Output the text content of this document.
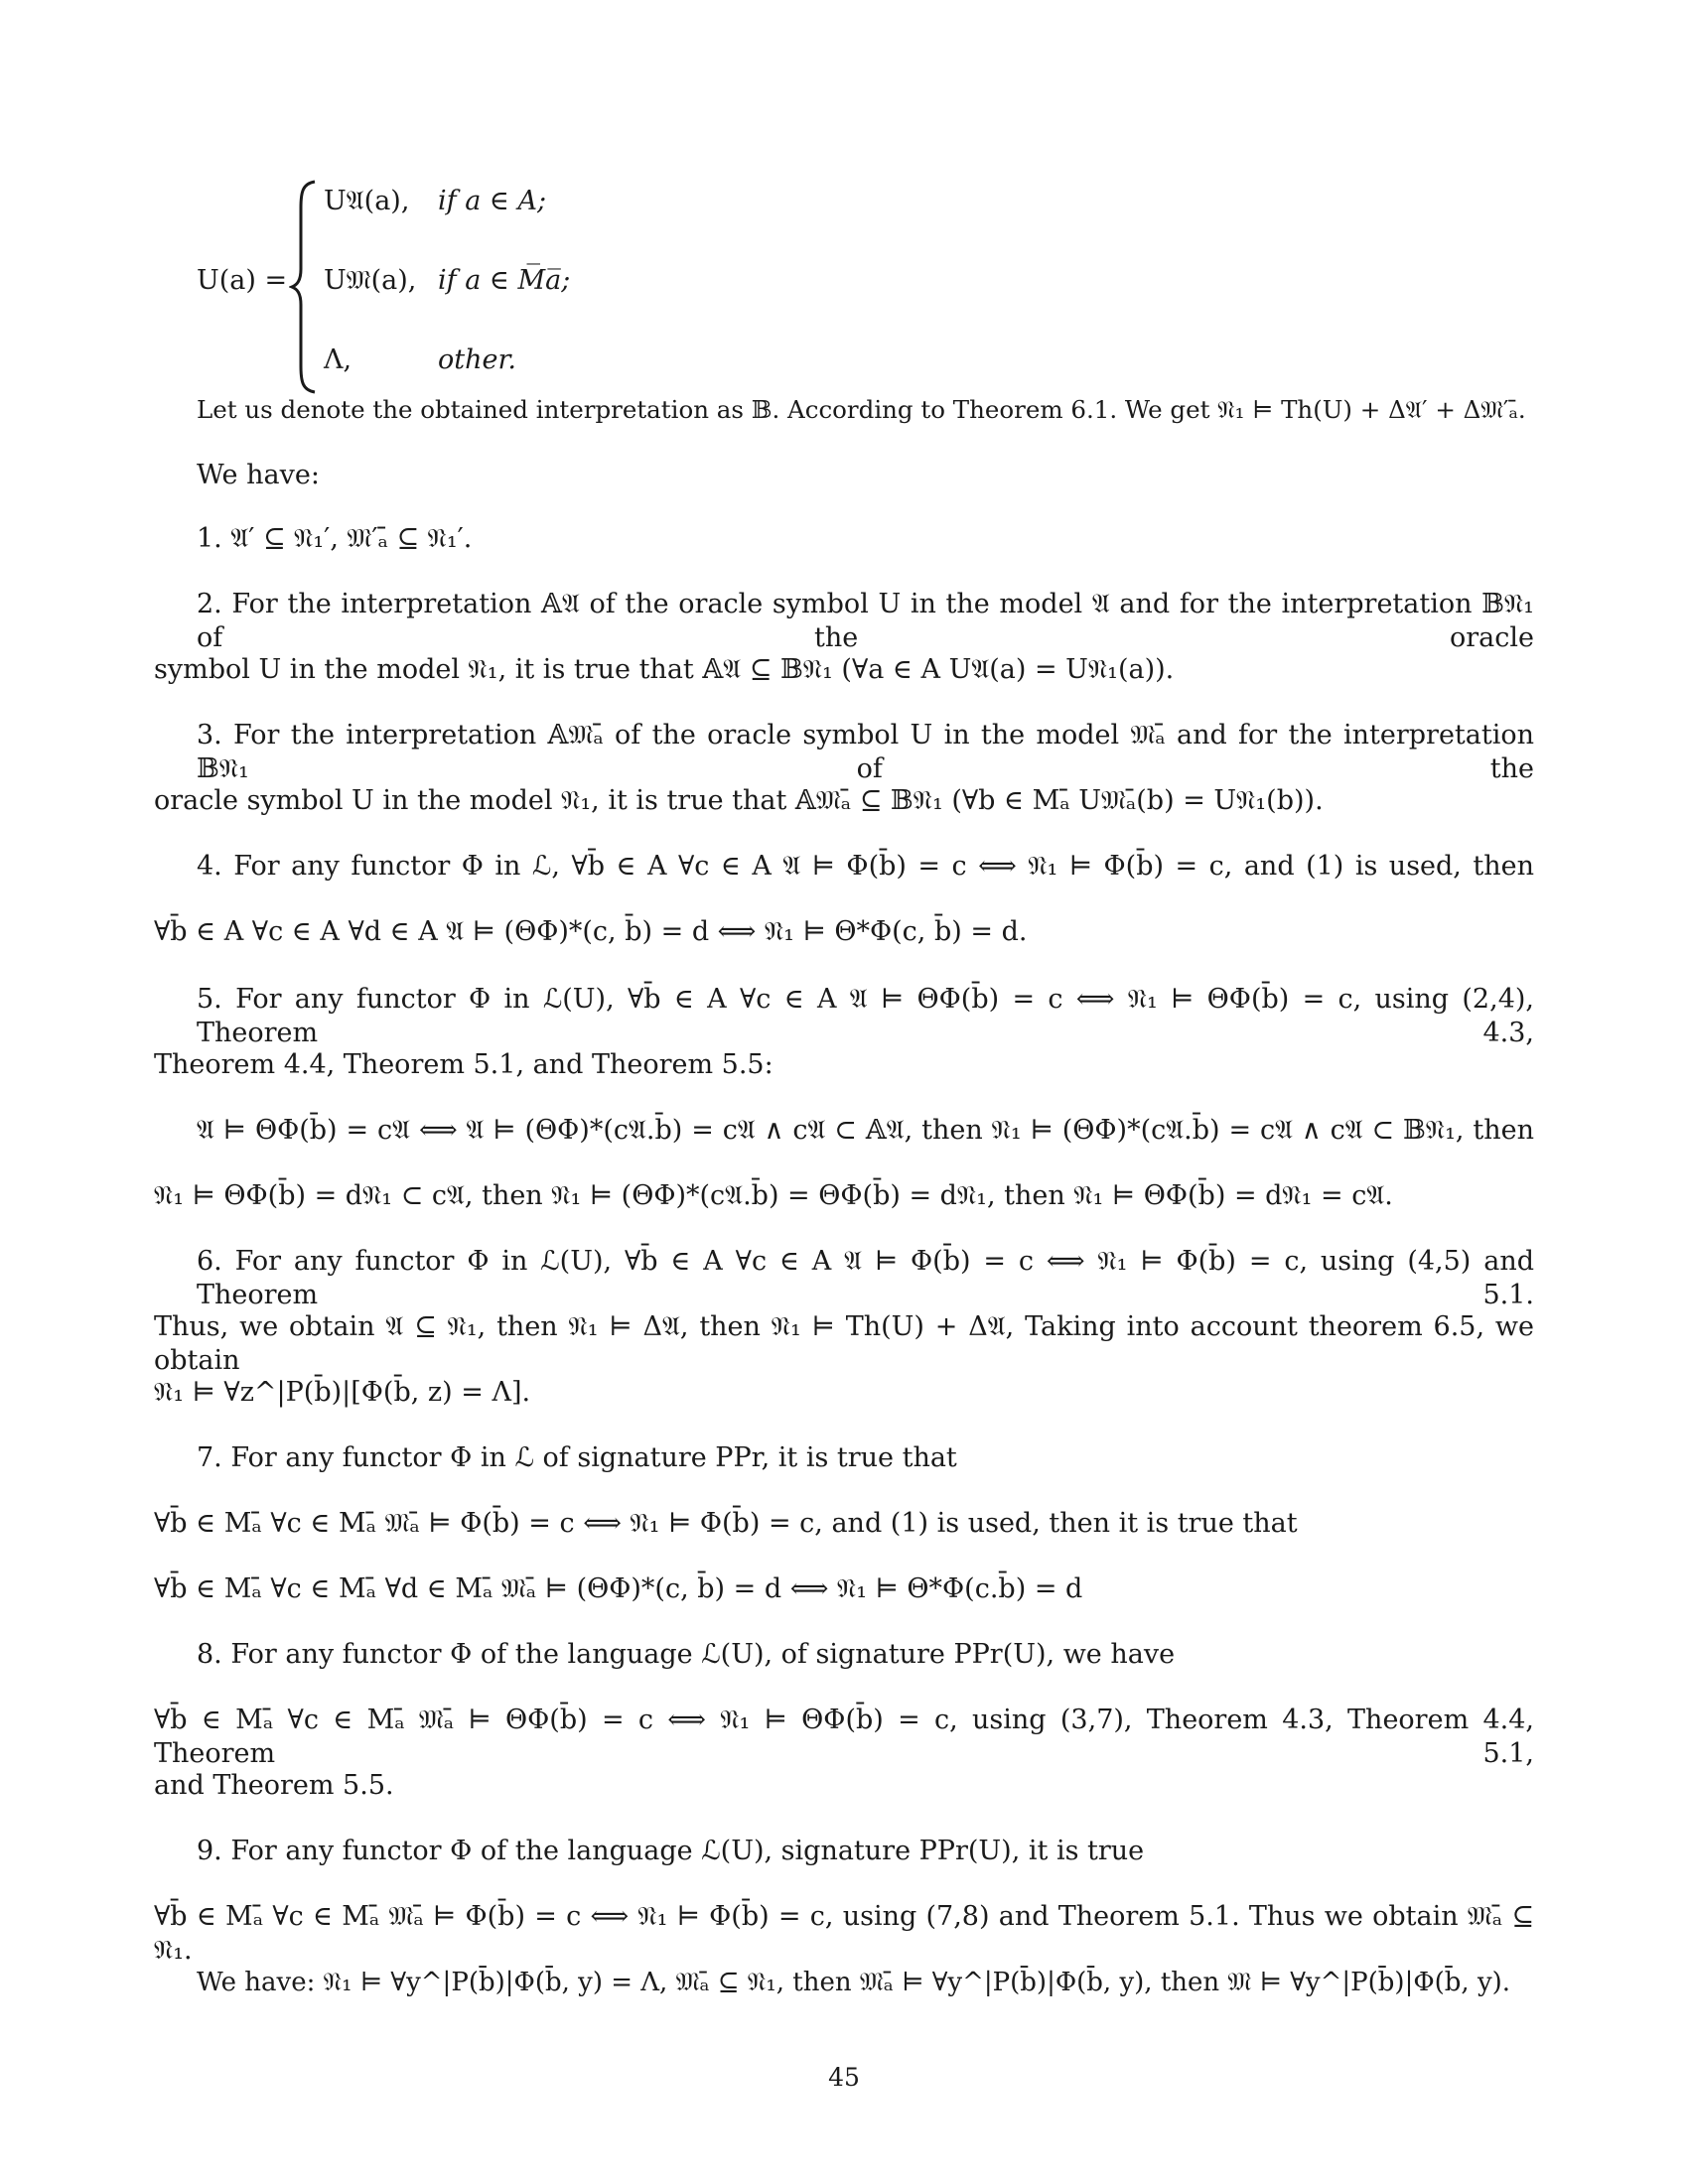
U(a) =
U𝔄(a), if a ∈ A;
U𝔐(a), if a ∈ M̅a̅;
Λ,	other.
Let us denote the obtained interpretation as 𝔹. According to Theorem 6.1. We get 𝔑₁ ⊨ Th(U) + Δ𝔄′ + Δ𝔐′ₐ̄.
We have:
1. 𝔄′ ⊆ 𝔑₁′, 𝔐′ₐ̄ ⊆ 𝔑₁′.
2. For the interpretation 𝔸𝔄 of the oracle symbol U in the model 𝔄 and for the interpretation 𝔹𝔑₁ of the oracle
symbol U in the model 𝔑₁, it is true that 𝔸𝔄 ⊆ 𝔹𝔑₁ (∀a ∈ A U𝔄(a) = U𝔑₁(a)).
3. For the interpretation 𝔸𝔐ₐ̄ of the oracle symbol U in the model 𝔐ₐ̄ and for the interpretation 𝔹𝔑₁ of the
oracle symbol U in the model 𝔑₁, it is true that 𝔸𝔐ₐ̄ ⊆ 𝔹𝔑₁ (∀b ∈ Mₐ̄ U𝔐ₐ̄(b) = U𝔑₁(b)).
4. For any functor Φ in ℒ, ∀b̄ ∈ A ∀c ∈ A 𝔄 ⊨ Φ(b̄) = c ⟺ 𝔑₁ ⊨ Φ(b̄) = c, and (1) is used, then
∀b̄ ∈ A ∀c ∈ A ∀d ∈ A 𝔄 ⊨ (ΘΦ)*(c, b̄) = d ⟺ 𝔑₁ ⊨ Θ*Φ(c, b̄) = d.
5. For any functor Φ in ℒ(U), ∀b̄ ∈ A ∀c ∈ A 𝔄 ⊨ ΘΦ(b̄) = c ⟺ 𝔑₁ ⊨ ΘΦ(b̄) = c, using (2,4), Theorem 4.3,
Theorem 4.4, Theorem 5.1, and Theorem 5.5:
𝔄 ⊨ ΘΦ(b̄) = c𝔄 ⟺ 𝔄 ⊨ (ΘΦ)*(c𝔄.b̄) = c𝔄 ∧ c𝔄 ⊂ 𝔸𝔄, then 𝔑₁ ⊨ (ΘΦ)*(c𝔄.b̄) = c𝔄 ∧ c𝔄 ⊂ 𝔹𝔑₁, then
𝔑₁ ⊨ ΘΦ(b̄) = d𝔑₁ ⊂ c𝔄, then 𝔑₁ ⊨ (ΘΦ)*(c𝔄.b̄) = ΘΦ(b̄) = d𝔑₁, then 𝔑₁ ⊨ ΘΦ(b̄) = d𝔑₁ = c𝔄.
6. For any functor Φ in ℒ(U), ∀b̄ ∈ A ∀c ∈ A 𝔄 ⊨ Φ(b̄) = c ⟺ 𝔑₁ ⊨ Φ(b̄) = c, using (4,5) and Theorem 5.1.
Thus, we obtain 𝔄 ⊆ 𝔑₁, then 𝔑₁ ⊨ Δ𝔄, then 𝔑₁ ⊨ Th(U) + Δ𝔄, Taking into account theorem 6.5, we obtain
𝔑₁ ⊨ ∀z^|P(b̄)|[Φ(b̄, z) = Λ].
7. For any functor Φ in ℒ of signature PPr, it is true that
∀b̄ ∈ Mₐ̄ ∀c ∈ Mₐ̄ 𝔐ₐ̄ ⊨ Φ(b̄) = c ⟺ 𝔑₁ ⊨ Φ(b̄) = c, and (1) is used, then it is true that
∀b̄ ∈ Mₐ̄ ∀c ∈ Mₐ̄ ∀d ∈ Mₐ̄ 𝔐ₐ̄ ⊨ (ΘΦ)*(c, b̄) = d ⟺ 𝔑₁ ⊨ Θ*Φ(c.b̄) = d
8. For any functor Φ of the language ℒ(U), of signature PPr(U), we have
∀b̄ ∈ Mₐ̄ ∀c ∈ Mₐ̄ 𝔐ₐ̄ ⊨ ΘΦ(b̄) = c ⟺ 𝔑₁ ⊨ ΘΦ(b̄) = c, using (3,7), Theorem 4.3, Theorem 4.4, Theorem 5.1,
and Theorem 5.5.
9. For any functor Φ of the language ℒ(U), signature PPr(U), it is true
∀b̄ ∈ Mₐ̄ ∀c ∈ Mₐ̄ 𝔐ₐ̄ ⊨ Φ(b̄) = c ⟺ 𝔑₁ ⊨ Φ(b̄) = c, using (7,8) and Theorem 5.1. Thus we obtain 𝔐ₐ̄ ⊆ 𝔑₁.
We have: 𝔑₁ ⊨ ∀y^|P(b̄)|Φ(b̄, y) = Λ, 𝔐ₐ̄ ⊆ 𝔑₁, then 𝔐ₐ̄ ⊨ ∀y^|P(b̄)|Φ(b̄, y), then 𝔐 ⊨ ∀y^|P(b̄)|Φ(b̄, y).
45
